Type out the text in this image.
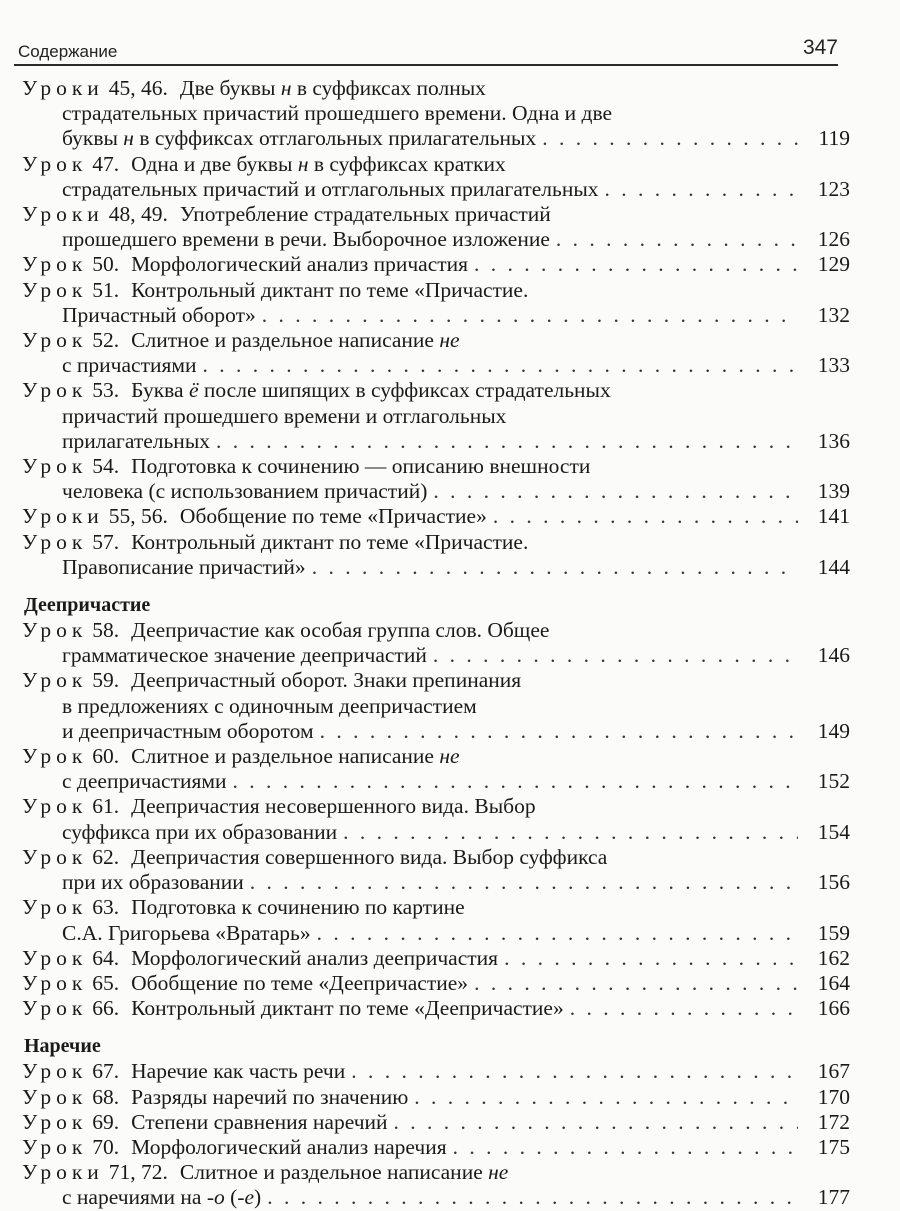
Содержание	347
Уроки 45, 46. Две буквы н в суффиксах полных
страдательных причастий прошедшего времени. Одна и две
буквы н в суффиксах отглагольных прилагательных . . .	119
Урок 47. Одна и две буквы н в суффиксах кратких
страдательных причастий и отглагольных прилагательных . . .	123
Уроки 48, 49. Употребление страдательных причастий
прошедшего времени в речи. Выборочное изложение . . .	126
Урок 50. Морфологический анализ причастия . . .	129
Урок 51. Контрольный диктант по теме «Причастие.
Причастный оборот» . . .	132
Урок 52. Слитное и раздельное написание не
с причастиями . . .	133
Урок 53. Буква ё после шипящих в суффиксах страдательных
причастий прошедшего времени и отглагольных
прилагательных . . .	136
Урок 54. Подготовка к сочинению — описанию внешности
человека (с использованием причастий) . . .	139
Уроки 55, 56. Обобщение по теме «Причастие» . . .	141
Урок 57. Контрольный диктант по теме «Причастие.
Правописание причастий» . . .	144
Деепричастие
Урок 58. Деепричастие как особая группа слов. Общее
грамматическое значение деепричастий . . .	146
Урок 59. Деепричастный оборот. Знаки препинания
в предложениях с одиночным деепричастием
и деепричастным оборотом . . .	149
Урок 60. Слитное и раздельное написание не
с деепричастиями . . .	152
Урок 61. Деепричастия несовершенного вида. Выбор
суффикса при их образовании . . .	154
Урок 62. Деепричастия совершенного вида. Выбор суффикса
при их образовании . . .	156
Урок 63. Подготовка к сочинению по картине
С.А. Григорьева «Вратарь» . . .	159
Урок 64. Морфологический анализ деепричастия . . .	162
Урок 65. Обобщение по теме «Деепричастие» . . .	164
Урок 66. Контрольный диктант по теме «Деепричастие» . . .	166
Наречие
Урок 67. Наречие как часть речи . . .	167
Урок 68. Разряды наречий по значению . . .	170
Урок 69. Степени сравнения наречий . . .	172
Урок 70. Морфологический анализ наречия . . .	175
Уроки 71, 72. Слитное и раздельное написание не
с наречиями на -о (-е) . . .	177
